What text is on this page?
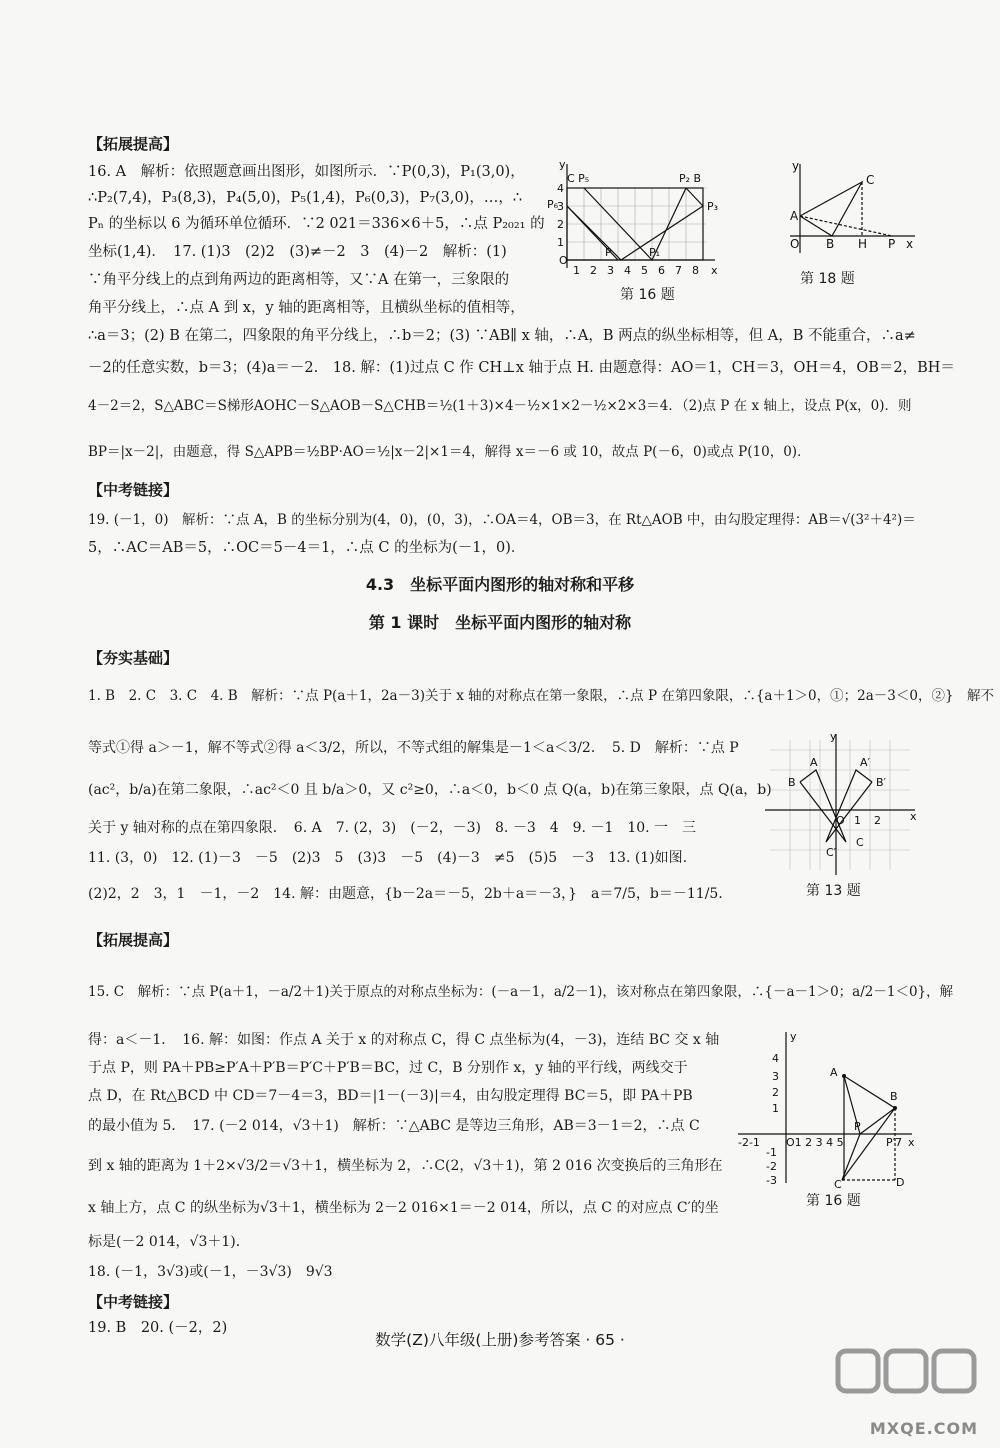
【拓展提高】
16. A　解析：依照题意画出图形，如图所示．∵P(0,3)，P₁(3,0)，
∴P₂(7,4)，P₃(8,3)，P₄(5,0)，P₅(1,4)，P₆(0,3)，P₇(3,0)，…，∴
Pₙ 的坐标以 6 为循环单位循环．∵2 021＝336×6＋5，∴点 P₂₀₂₁ 的
坐标(1,4)．　17. (1)3　(2)2　(3)≠－2　3　(4)－2　解析：(1)
∵角平分线上的点到角两边的距离相等，又∵A 在第一，三象限的
角平分线上，∴点 A 到 x，y 轴的距离相等，且横纵坐标的值相等，
∴a＝3；(2) B 在第二，四象限的角平分线上，∴b＝2；(3) ∵AB∥ x 轴，∴A，B 两点的纵坐标相等，但 A，B 不能重合，∴a≠
－2的任意实数，b＝3；(4)a＝－2.　18. 解：(1)过点 C 作 CH⊥x 轴于点 H. 由题意得：AO＝1，CH＝3，OH＝4，OB＝2，BH＝
4－2＝2，S△ABC＝S梯形AOHC－S△AOB－S△CHB＝½(1＋3)×4－½×1×2－½×2×3＝4．（2)点 P 在 x 轴上，设点 P(x，0)．则
BP＝|x－2|，由题意，得 S△APB＝½BP·AO＝½|x－2|×1＝4，解得 x＝－6 或 10，故点 P(－6，0)或点 P(10，0)．
【中考链接】
19. (－1，0)　解析：∵点 A，B 的坐标分别为(4，0)，(0，3)，∴OA＝4，OB＝3，在 Rt△AOB 中，由勾股定理得：AB＝√(3²＋4²)＝
5，∴AC＝AB＝5，∴OC＝5－4＝1，∴点 C 的坐标为(－1，0)．
4.3　坐标平面内图形的轴对称和平移
第 1 课时　坐标平面内图形的轴对称
【夯实基础】
1. B　2. C　3. C　4. B　解析：∵点 P(a＋1，2a－3)关于 x 轴的对称点在第一象限，∴点 P 在第四象限，∴{a＋1＞0，①；2a－3＜0，②}　解不
等式①得 a＞－1，解不等式②得 a＜3/2，所以，不等式组的解集是－1＜a＜3/2．　5. D　解析：∵点 P
(ac²，b/a)在第二象限，∴ac²＜0 且 b/a＞0，又 c²≥0，∴a＜0，b＜0 点 Q(a，b)在第三象限，点 Q(a，b)
关于 y 轴对称的点在第四象限．　6. A　7. (2，3)　(－2，－3)　8. －3　4　9. －1　10. 一　三
11. (3，0)　12. (1)－3　－5　(2)3　5　(3)3　－5　(4)－3　≠5　(5)5　－3　13. (1)如图.
(2)2，2　3，1　－1，－2　14. 解：由题意，{b－2a＝－5，2b＋a＝－3，}　a＝7/5，b＝－11/5．
【拓展提高】
15. C　解析：∵点 P(a＋1，－a/2＋1)关于原点的对称点坐标为：(－a－1，a/2－1)，该对称点在第四象限，∴{－a－1＞0；a/2－1＜0}，解
得：a＜－1．　16. 解：如图：作点 A 关于 x 的对称点 C，得 C 点坐标为(4，－3)，连结 BC 交 x 轴
于点 P，则 PA＋PB≥P′A＋P′B＝P′C＋P′B＝BC，过 C，B 分别作 x，y 轴的平行线，两线交于
点 D，在 Rt△BCD 中 CD＝7－4＝3，BD＝|1－(－3)|＝4，由勾股定理得 BC＝5，即 PA＋PB
的最小值为 5．　17. (－2 014，√3＋1)　解析：∵△ABC 是等边三角形，AB＝3－1＝2，∴点 C
到 x 轴的距离为 1＋2×√3/2＝√3＋1，横坐标为 2，∴C(2，√3＋1)，第 2 016 次变换后的三角形在
x 轴上方，点 C 的纵坐标为√3＋1，横坐标为 2－2 016×1＝－2 014，所以，点 C 的对应点 C′的坐
标是(－2 014，√3＋1)．
18. (－1，3√3)或(－1，－3√3)　9√3
【中考链接】
19. B　20. (－2，2)
O
1 2 3 4 5 6 7 8 x
1
2
3
4
y
C P₅	P₂ B
P₆	P₃
P	P₁
第 16 题
y
O
A
C
B H P x
第 18 题
y
x
O 1 2
B
A	A′
B′
C′
C
第 13 题
y
x
4
3
2
1
-2-1 O1 2 3 4 5
-1
-2
-3
A
B
P
P′7
C	D
第 16 题
数学(Z)八年级(上册)参考答案 · 65 ·
MXQE.COM
